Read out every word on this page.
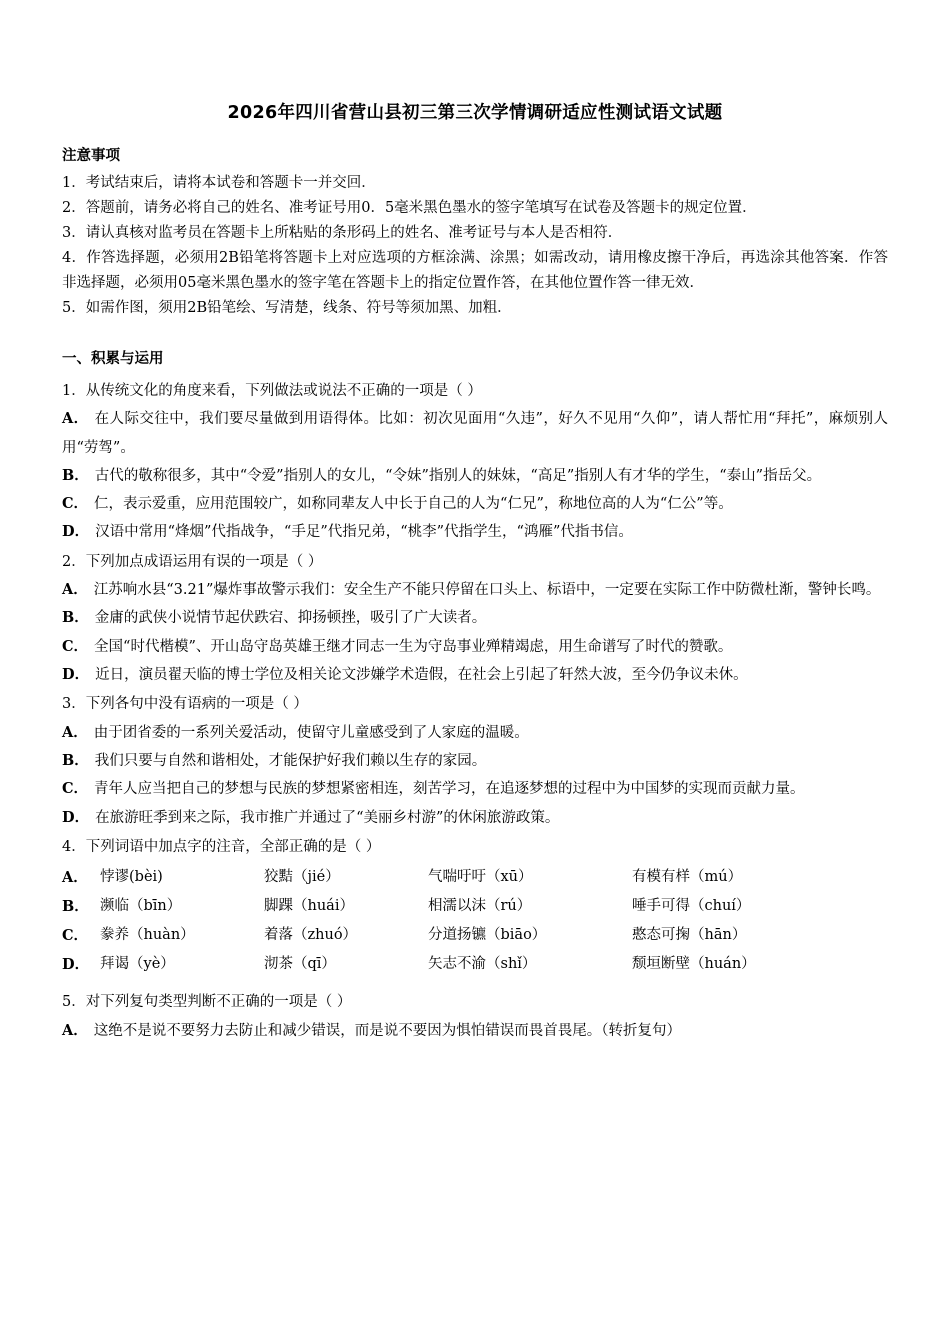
2026年四川省营山县初三第三次学情调研适应性测试语文试题
注意事项

1．考试结束后，请将本试卷和答题卡一并交回．

2．答题前，请务必将自己的姓名、准考证号用0．5毫米黑色墨水的签字笔填写在试卷及答题卡的规定位置．

3．请认真核对监考员在答题卡上所粘贴的条形码上的姓名、准考证号与本人是否相符．

4．作答选择题，必须用2B铅笔将答题卡上对应选项的方框涂满、涂黑；如需改动，请用橡皮擦干净后，再选涂其他答案．作答非选择题，必须用05毫米黑色墨水的签字笔在答题卡上的指定位置作答，在其他位置作答一律无效．

5．如需作图，须用2B铅笔绘、写清楚，线条、符号等须加黑、加粗．

一、积累与运用

1．从传统文化的角度来看，下列做法或说法不正确的一项是（ ）

A． 在人际交往中，我们要尽量做到用语得体。比如：初次见面用“久违”，好久不见用“久仰”，请人帮忙用“拜托”，麻烦别人用“劳驾”。

B． 古代的敬称很多，其中“令爱”指别人的女儿，“令妹”指别人的妹妹，“高足”指别人有才华的学生，“泰山”指岳父。

C． 仁，表示爱重，应用范围较广，如称同辈友人中长于自己的人为“仁兄”，称地位高的人为“仁公”等。

D． 汉语中常用“烽烟”代指战争，“手足”代指兄弟，“桃李”代指学生，“鸿雁”代指书信。

2．下列加点成语运用有误的一项是（ ）

A． 江苏响水县“3.21”爆炸事故警示我们：安全生产不能只停留在口头上、标语中，一定要在实际工作中防微杜渐，警钟长鸣。

B． 金庸的武侠小说情节起伏跌宕、抑扬顿挫，吸引了广大读者。

C． 全国“时代楷模”、开山岛守岛英雄王继才同志一生为守岛事业殚精竭虑，用生命谱写了时代的赞歌。

D． 近日，演员翟天临的博士学位及相关论文涉嫌学术造假，在社会上引起了轩然大波，至今仍争议未休。

3．下列各句中没有语病的一项是（ ）

A． 由于团省委的一系列关爱活动，使留守儿童感受到了人家庭的温暖。

B． 我们只要与自然和谐相处，才能保护好我们赖以生存的家园。

C． 青年人应当把自己的梦想与民族的梦想紧密相连，刻苦学习，在追逐梦想的过程中为中国梦的实现而贡献力量。

D． 在旅游旺季到来之际，我市推广并通过了“美丽乡村游”的休闲旅游政策。

4．下列词语中加点字的注音，全部正确的是（ ）

A．	悖谬(bèi)	狡黠（jié）	气喘吁吁（xū）	有模有样（mú）
B．	濒临（bīn）	脚踝（huái）	相濡以沫（rú）	唾手可得（chuí）
C．	豢养（huàn）	着落（zhuó）	分道扬镳（biāo）	憨态可掬（hān）
D．	拜谒（yè）	沏茶（qī）	矢志不渝（shǐ）	颓垣断壁（huán）

5．对下列复句类型判断不正确的一项是（ ）

A． 这绝不是说不要努力去防止和减少错误，而是说不要因为惧怕错误而畏首畏尾。（转折复句）
